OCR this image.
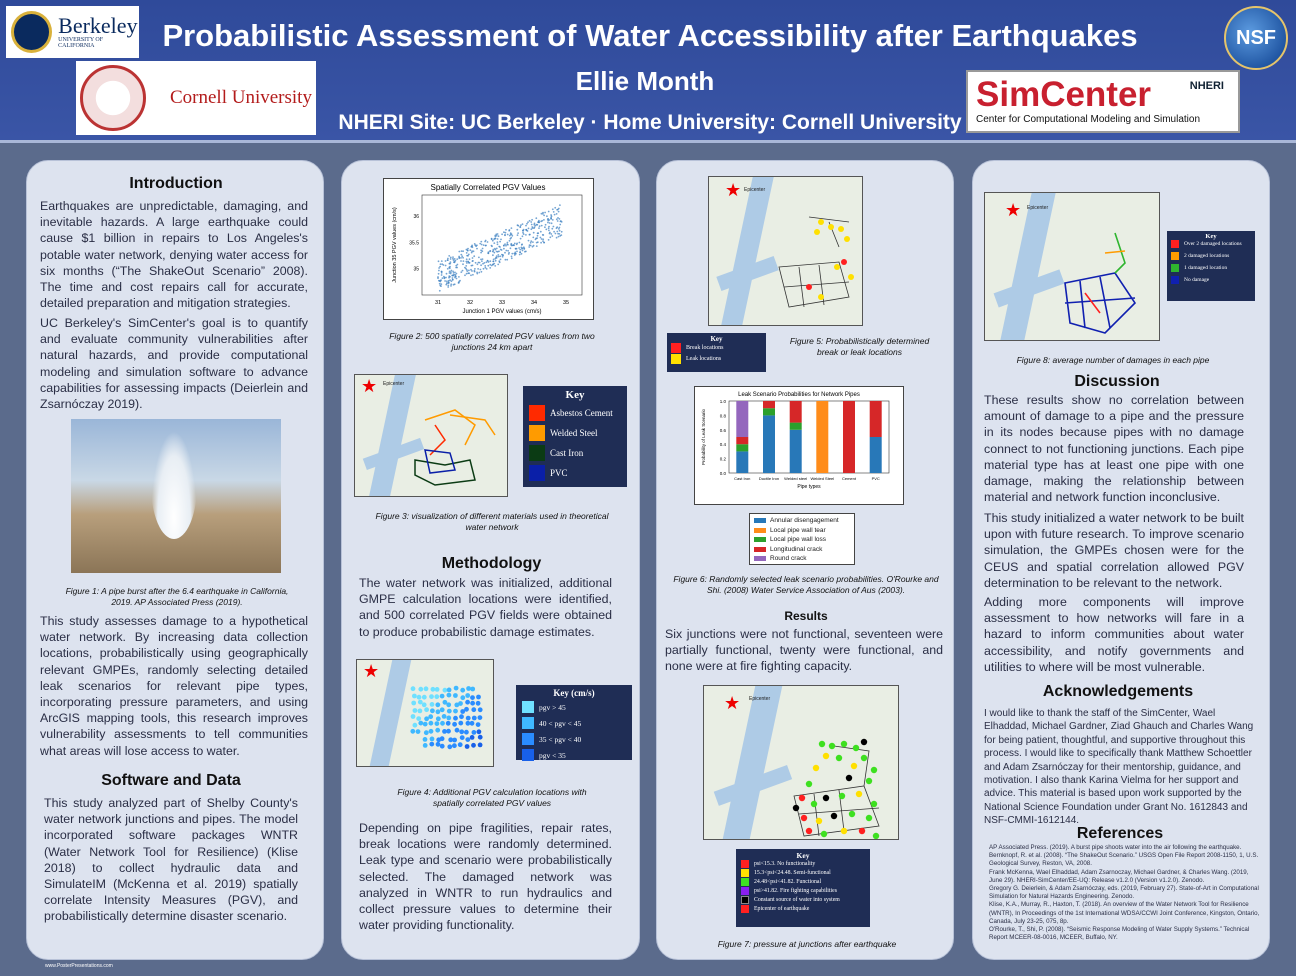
Berkeley
UNIVERSITY OF CALIFORNIA	Probabilistic Assessment of Water Accessibility after Earthquakes	NSF
Cornell University
Ellie Month
NHERI Site: UC Berkeley · Home University: Cornell University
SimCenter	NHERI
Center for Computational Modeling and Simulation
Introduction
Earthquakes are unpredictable, damaging, and inevitable hazards. A large earthquake could cause $1 billion in repairs to Los Angeles's potable water network, denying water access for six months (“The ShakeOut Scenario” 2008). The time and cost repairs call for accurate, detailed preparation and mitigation strategies.
UC Berkeley's SimCenter's goal is to quantify and evaluate community vulnerabilities after natural hazards, and provide computational modeling and simulation software to advance capabilities for assessing impacts (Deierlein and Zsarnóczay 2019).
Figure 1: A pipe burst after the 6.4 earthquake in California, 2019. AP Associated Press (2019).
This study assesses damage to a hypothetical water network. By increasing data collection locations, probabilistically using geographically relevant GMPEs, randomly selecting detailed leak scenarios for relevant pipe types, incorporating pressure parameters, and using ArcGIS mapping tools, this research improves vulnerability assessments to tell communities what areas will lose access to water.
Software and Data
This study analyzed part of Shelby County's water network junctions and pipes. The model incorporated software packages WNTR (Water Network Tool for Resilience) (Klise 2018) to collect hydraulic data and SimulateIM (McKenna et al. 2019) spatially correlate Intensity Measures (PGV), and probabilistically determine disaster scenario.
Spatially Correlated PGV Values
31	32	33	34	35
35
35.5
36
Junction 1 PGV values (cm/s)
Junction 35 PGV values (cm/s)
Figure 2: 500 spatially correlated PGV values from two junctions 24 km apart
★ Epicenter
Key
Asbestos Cement
Welded Steel
Cast Iron
PVC
Figure 3: visualization of different materials used in theoretical water network
Methodology
The water network was initialized, additional GMPE calculation locations were identified, and 500 correlated PGV fields were obtained to produce probabilistic damage estimates.
★
Key (cm/s)
pgv > 45
40 < pgv < 45
35 < pgv < 40
pgv < 35
Figure 4: Additional PGV calculation locations with spatially correlated PGV values
Depending on pipe fragilities, repair rates, break locations were randomly determined. Leak type and scenario were probabilistically selected. The damaged network was analyzed in WNTR to run hydraulics and collect pressure values to determine their water providing functionality.
★ Epicenter
Key
Break locations
Leak locations
Figure 5: Probabilistically determined break or leak locations
Leak Scenario Probabilities for Network Pipes
0.0
0.2
0.4
0.6
0.8
1.0
Cast Iron Ductile Iron Welded steel Welded Steel Cement	PVC
Pipe types
Probability of Leak Scenario
Annular disengagement
Local pipe wall tear
Local pipe wall loss
Longitudinal crack
Round crack
Figure 6: Randomly selected leak scenario probabilities. O'Rourke and Shi. (2008) Water Service Association of Aus (2003).
Results
Six junctions were not functional, seventeen were partially functional, twenty were functional, and none were at fire fighting capacity.
★ Epicenter
Key
psi<15.3. No functionality
15.3<psi<24.48. Semi-functional
24.48<psi<41.82. Functional
psi>41.82. Fire fighting capabilities
Constant source of water into system
Epicenter of earthquake
Figure 7: pressure at junctions after earthquake
★ Epicenter
Key
Over 2 damaged locations
2 damaged locations
1 damaged location
No damage
Figure 8: average number of damages in each pipe
Discussion
These results show no correlation between amount of damage to a pipe and the pressure in its nodes because pipes with no damage connect to not functioning junctions. Each pipe material type has at least one pipe with one damage, making the relationship between material and network function inconclusive.
This study initialized a water network to be built upon with future research. To improve scenario simulation, the GMPEs chosen were for the CEUS and spatial correlation allowed PGV determination to be relevant to the network.
Adding more components will improve assessment to how networks will fare in a hazard to inform communities about water accessibility, and notify governments and utilities to where will be most vulnerable.
Acknowledgements
I would like to thank the staff of the SimCenter, Wael Elhaddad, Michael Gardner, Ziad Ghauch and Charles Wang for being patient, thoughtful, and supportive throughout this process. I would like to specifically thank Matthew Schoettler and Adam Zsarnóczay for their mentorship, guidance, and motivation. I also thank Karina Vielma for her support and advice. This material is based upon work supported by the National Science Foundation under Grant No. 1612843 and NSF-CMMI-1612144.
References
AP Associated Press. (2019). A burst pipe shoots water into the air following the earthquake.
Bernknopf, R. et al. (2008). “The ShakeOut Scenario.” USGS Open File Report 2008-1150, 1, U.S. Geological Survey, Reston, VA, 2008.
Frank McKenna, Wael Elhaddad, Adam Zsarnoczay, Michael Gardner, & Charles Wang. (2019, June 29). NHERI-SimCenter/EE-UQ: Release v1.2.0 (Version v1.2.0). Zenodo.
Gregory G. Deierlein, & Adam Zsarnóczay, eds. (2019, February 27). State-of-Art in Computational Simulation for Natural Hazards Engineering. Zenodo.
Klise, K.A., Murray, R., Haxton, T. (2018). An overview of the Water Network Tool for Resilience (WNTR), In Proceedings of the 1st International WDSA/CCWI Joint Conference, Kingston, Ontario, Canada, July 23-25, 075, 8p.
O'Rourke, T., Shi, P. (2008). “Seismic Response Modeling of Water Supply Systems.” Technical Report MCEER-08-0016, MCEER, Buffalo, NY.
www.PosterPresentations.com
